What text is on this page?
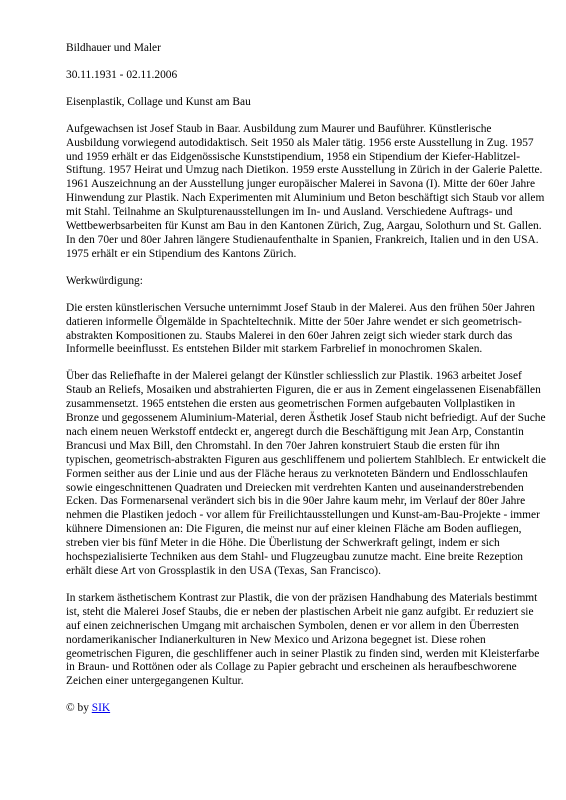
Bildhauer und Maler

30.11.1931 - 02.11.2006

Eisenplastik, Collage und Kunst am Bau

Aufgewachsen ist Josef Staub in Baar. Ausbildung zum Maurer und Bauführer. Künstlerische Ausbildung vorwiegend autodidaktisch. Seit 1950 als Maler tätig. 1956 erste Ausstellung in Zug. 1957 und 1959 erhält er das Eidgenössische Kunststipendium, 1958 ein Stipendium der Kiefer-Hablitzel-Stiftung. 1957 Heirat und Umzug nach Dietikon. 1959 erste Ausstellung in Zürich in der Galerie Palette. 1961 Auszeichnung an der Ausstellung junger europäischer Malerei in Savona (I). Mitte der 60er Jahre Hinwendung zur Plastik. Nach Experimenten mit Aluminium und Beton beschäftigt sich Staub vor allem mit Stahl. Teilnahme an Skulpturenausstellungen im In- und Ausland. Verschiedene Auftrags- und Wettbewerbsarbeiten für Kunst am Bau in den Kantonen Zürich, Zug, Aargau, Solothurn und St. Gallen. In den 70er und 80er Jahren längere Studienaufenthalte in Spanien, Frankreich, Italien und in den USA. 1975 erhält er ein Stipendium des Kantons Zürich.

Werkwürdigung:

Die ersten künstlerischen Versuche unternimmt Josef Staub in der Malerei. Aus den frühen 50er Jahren datieren informelle Ölgemälde in Spachteltechnik. Mitte der 50er Jahre wendet er sich geometrisch-abstrakten Kompositionen zu. Staubs Malerei in den 60er Jahren zeigt sich wieder stark durch das Informelle beeinflusst. Es entstehen Bilder mit starkem Farbrelief in monochromen Skalen.

Über das Reliefhafte in der Malerei gelangt der Künstler schliesslich zur Plastik. 1963 arbeitet Josef Staub an Reliefs, Mosaiken und abstrahierten Figuren, die er aus in Zement eingelassenen Eisenabfällen zusammensetzt. 1965 entstehen die ersten aus geometrischen Formen aufgebauten Vollplastiken in Bronze und gegossenem Aluminium-Material, deren Ästhetik Josef Staub nicht befriedigt. Auf der Suche nach einem neuen Werkstoff entdeckt er, angeregt durch die Beschäftigung mit Jean Arp, Constantin Brancusi und Max Bill, den Chromstahl. In den 70er Jahren konstruiert Staub die ersten für ihn typischen, geometrisch-abstrakten Figuren aus geschliffenem und poliertem Stahlblech. Er entwickelt die Formen seither aus der Linie und aus der Fläche heraus zu verknoteten Bändern und Endlosschlaufen sowie eingeschnittenen Quadraten und Dreiecken mit verdrehten Kanten und auseinanderstrebenden Ecken. Das Formenarsenal verändert sich bis in die 90er Jahre kaum mehr, im Verlauf der 80er Jahre nehmen die Plastiken jedoch - vor allem für Freilichtausstellungen und Kunst-am-Bau-Projekte - immer kühnere Dimensionen an: Die Figuren, die meinst nur auf einer kleinen Fläche am Boden aufliegen, streben vier bis fünf Meter in die Höhe. Die Überlistung der Schwerkraft gelingt, indem er sich hochspezialisierte Techniken aus dem Stahl- und Flugzeugbau zunutze macht. Eine breite Rezeption erhält diese Art von Grossplastik in den USA (Texas, San Francisco).

In starkem ästhetischem Kontrast zur Plastik, die von der präzisen Handhabung des Materials bestimmt ist, steht die Malerei Josef Staubs, die er neben der plastischen Arbeit nie ganz aufgibt. Er reduziert sie auf einen zeichnerischen Umgang mit archaischen Symbolen, denen er vor allem in den Überresten nordamerikanischer Indianerkulturen in New Mexico und Arizona begegnet ist. Diese rohen geometrischen Figuren, die geschliffener auch in seiner Plastik zu finden sind, werden mit Kleisterfarbe in Braun- und Rottönen oder als Collage zu Papier gebracht und erscheinen als heraufbeschworene Zeichen einer untergegangenen Kultur.

© by SIK
